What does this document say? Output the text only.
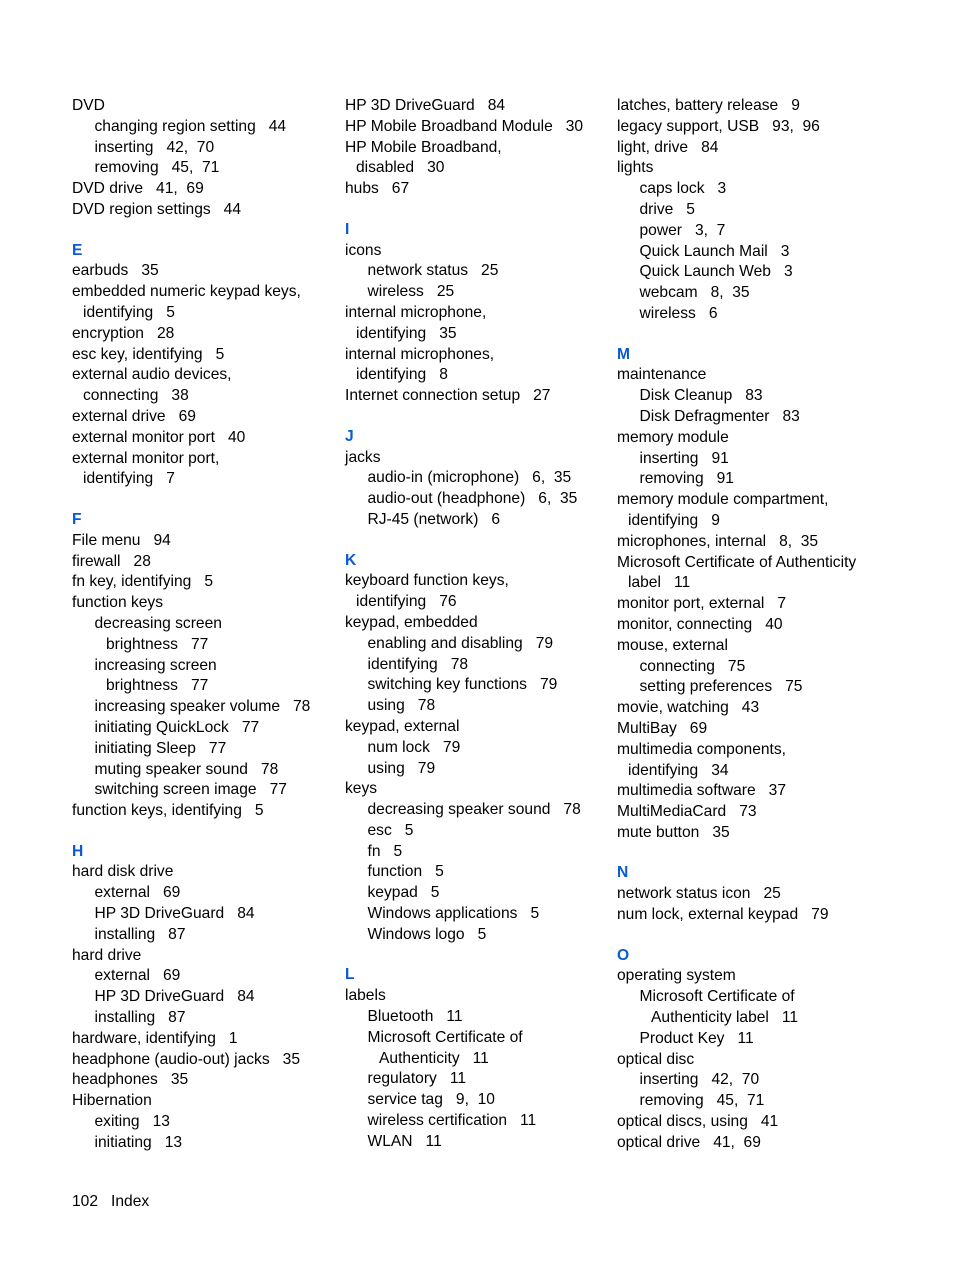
DVD
changing region setting   44
inserting   42,  70
removing   45,  71
DVD drive   41,  69
DVD region settings   44
E
earbuds   35
embedded numeric keypad keys,
identifying   5
encryption   28
esc key, identifying   5
external audio devices,
connecting   38
external drive   69
external monitor port   40
external monitor port,
identifying   7
F
File menu   94
firewall   28
fn key, identifying   5
function keys
decreasing screen
brightness   77
increasing screen
brightness   77
increasing speaker volume   78
initiating QuickLock   77
initiating Sleep   77
muting speaker sound   78
switching screen image   77
function keys, identifying   5
H
hard disk drive
external   69
HP 3D DriveGuard   84
installing   87
hard drive
external   69
HP 3D DriveGuard   84
installing   87
hardware, identifying   1
headphone (audio-out) jacks   35
headphones   35
Hibernation
exiting   13
initiating   13
HP 3D DriveGuard   84
HP Mobile Broadband Module   30
HP Mobile Broadband,
disabled   30
hubs   67
I
icons
network status   25
wireless   25
internal microphone,
identifying   35
internal microphones,
identifying   8
Internet connection setup   27
J
jacks
audio-in (microphone)   6,  35
audio-out (headphone)   6,  35
RJ-45 (network)   6
K
keyboard function keys,
identifying   76
keypad, embedded
enabling and disabling   79
identifying   78
switching key functions   79
using   78
keypad, external
num lock   79
using   79
keys
decreasing speaker sound   78
esc   5
fn   5
function   5
keypad   5
Windows applications   5
Windows logo   5
L
labels
Bluetooth   11
Microsoft Certificate of
Authenticity   11
regulatory   11
service tag   9,  10
wireless certification   11
WLAN   11
latches, battery release   9
legacy support, USB   93,  96
light, drive   84
lights
caps lock   3
drive   5
power   3,  7
Quick Launch Mail   3
Quick Launch Web   3
webcam   8,  35
wireless   6
M
maintenance
Disk Cleanup   83
Disk Defragmenter   83
memory module
inserting   91
removing   91
memory module compartment,
identifying   9
microphones, internal   8,  35
Microsoft Certificate of Authenticity
label   11
monitor port, external   7
monitor, connecting   40
mouse, external
connecting   75
setting preferences   75
movie, watching   43
MultiBay   69
multimedia components,
identifying   34
multimedia software   37
MultiMediaCard   73
mute button   35
N
network status icon   25
num lock, external keypad   79
O
operating system
Microsoft Certificate of
Authenticity label   11
Product Key   11
optical disc
inserting   42,  70
removing   45,  71
optical discs, using   41
optical drive   41,  69
102   Index
